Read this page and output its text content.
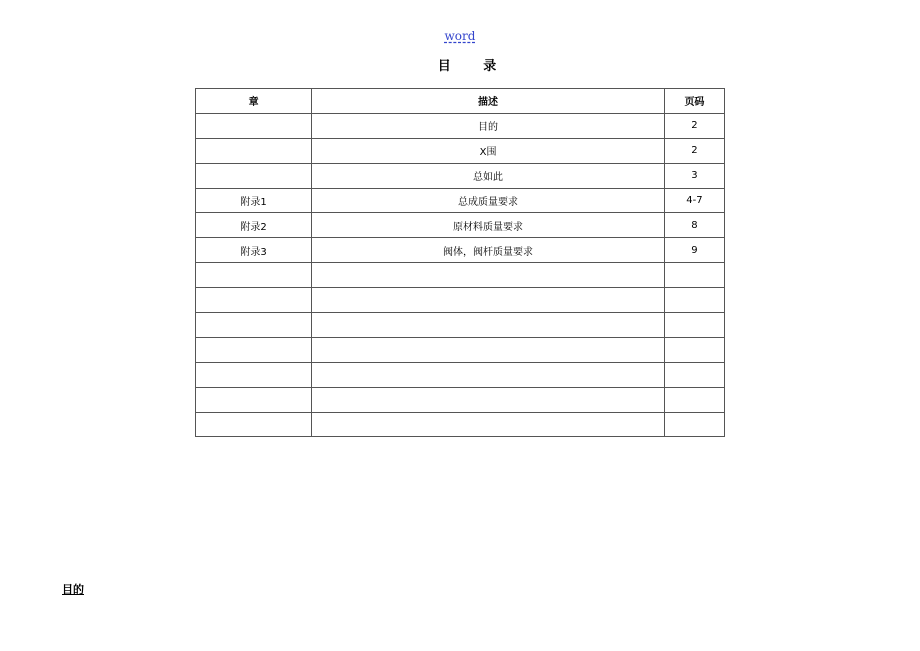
word
目 录
章	描述	页码
	目的	2
	X围	2
	总如此	3
附录1	总成质量要求	4-7
附录2	原材料质量要求	8
附录3	阀体，阀杆质量要求	9

目的
